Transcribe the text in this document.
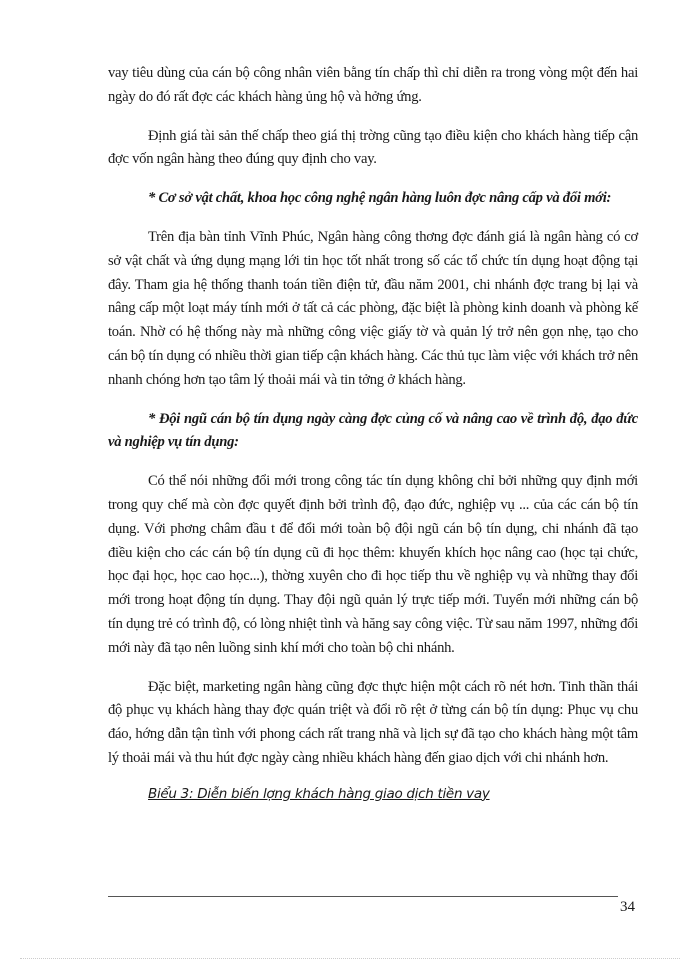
vay tiêu dùng của cán bộ công nhân viên bằng tín chấp thì chỉ diễn ra trong vòng một đến hai ngày do đó rất đợc các khách hàng ủng hộ và hởng ứng.

Định giá tài sản thế chấp theo giá thị trờng cũng tạo điều kiện cho khách hàng tiếp cận đợc vốn ngân hàng theo đúng quy định cho vay.

* Cơ sở vật chất, khoa học công nghệ ngân hàng luôn đợc nâng cấp và đổi mới:

Trên địa bàn tỉnh Vĩnh Phúc, Ngân hàng công thơng đợc đánh giá là ngân hàng có cơ sở vật chất và ứng dụng mạng lới tin học tốt nhất trong số các tổ chức tín dụng hoạt động tại đây. Tham gia hệ thống thanh toán tiền điện tử, đầu năm 2001, chi nhánh đợc trang bị lại và nâng cấp một loạt máy tính mới ở tất cả các phòng, đặc biệt là phòng kinh doanh và phòng kế toán. Nhờ có hệ thống này mà những công việc giấy tờ và quản lý trở nên gọn nhẹ, tạo cho cán bộ tín dụng có nhiều thời gian tiếp cận khách hàng. Các thủ tục làm việc với khách trở nên nhanh chóng hơn tạo tâm lý thoải mái và tin tởng ở khách hàng.

* Đội ngũ cán bộ tín dụng ngày càng đợc củng cố và nâng cao về trình độ, đạo đức và nghiệp vụ tín dụng:

Có thể nói những đổi mới trong công tác tín dụng không chỉ bởi những quy định mới trong quy chế mà còn đợc quyết định bởi trình độ, đạo đức, nghiệp vụ ... của các cán bộ tín dụng. Với phơng châm đầu t để đổi mới toàn bộ đội ngũ cán bộ tín dụng, chi nhánh đã tạo điều kiện cho các cán bộ tín dụng cũ đi học thêm: khuyến khích học nâng cao (học tại chức, học đại học, học cao học...), thờng xuyên cho đi học tiếp thu về nghiệp vụ và những thay đổi mới trong hoạt động tín dụng. Thay đội ngũ quản lý trực tiếp mới. Tuyển mới những cán bộ tín dụng trẻ có trình độ, có lòng nhiệt tình và hăng say công việc. Từ sau năm 1997, những đổi mới này đã tạo nên luồng sinh khí mới cho toàn bộ chi nhánh.

Đặc biệt, marketing ngân hàng cũng đợc thực hiện một cách rõ nét hơn. Tinh thần thái độ phục vụ khách hàng thay đợc quán triệt và đổi rõ rệt ở từng cán bộ tín dụng: Phục vụ chu đáo, hớng dẫn tận tình với phong cách rất trang nhã và lịch sự đã tạo cho khách hàng một tâm lý thoải mái và thu hút đợc ngày càng nhiều khách hàng đến giao dịch với chi nhánh hơn.

Biểu 3: Diễn biến lợng khách hàng giao dịch tiền vay
34
